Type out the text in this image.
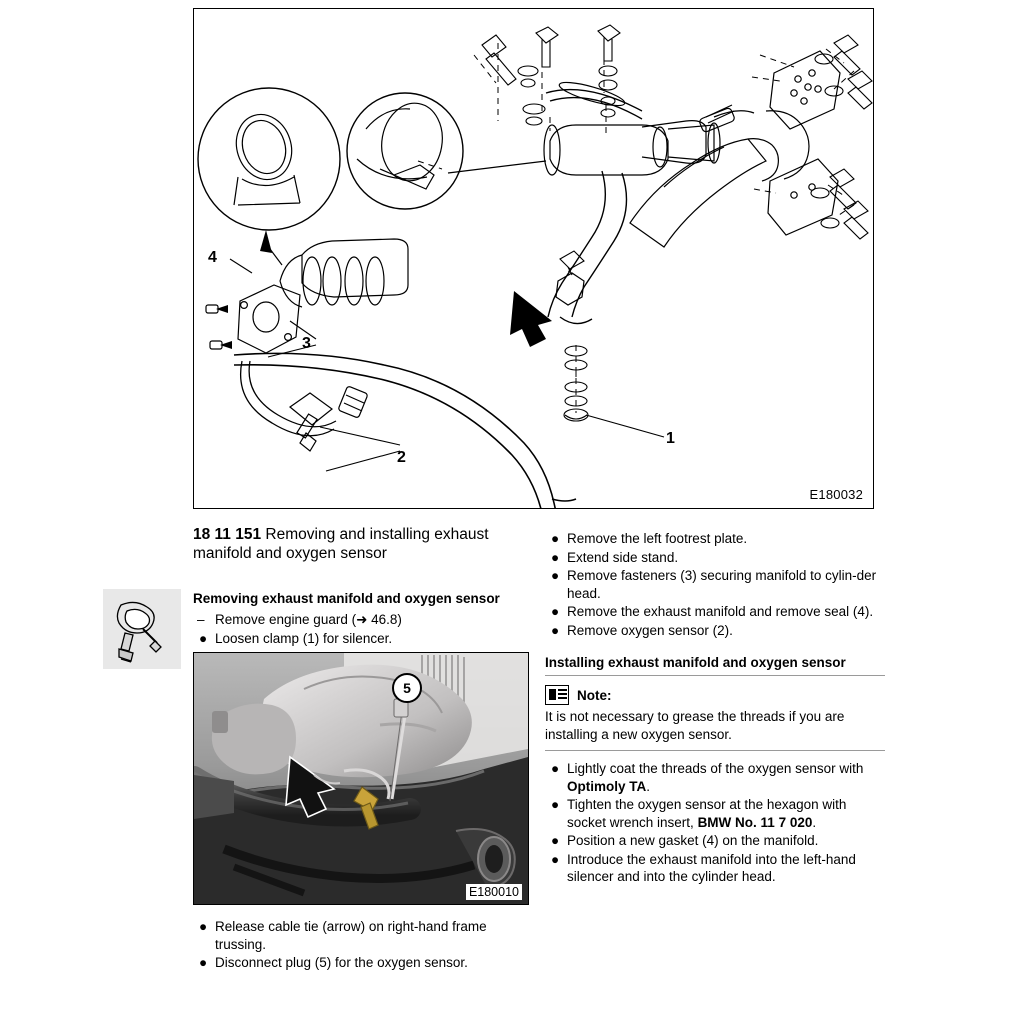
4
3
2
1
E180032
18 11 151 Removing and installing exhaust manifold and oxygen sensor
Removing exhaust manifold and oxygen sensor
– Remove engine guard (➜ 46.8)
● Loosen clamp (1) for silencer.
5
E180010
● Release cable tie (arrow) on right-hand frame trussing.
● Disconnect plug (5) for the oxygen sensor.
● Remove the left footrest plate.
● Extend side stand.
● Remove fasteners (3) securing manifold to cylin-der head.
● Remove the exhaust manifold and remove seal (4).
● Remove oxygen sensor (2).
Installing exhaust manifold and oxygen sensor
Note:
It is not necessary to grease the threads if you are installing a new oxygen sensor.
● Lightly coat the threads of the oxygen sensor with Optimoly TA.
● Tighten the oxygen sensor at the hexagon with socket wrench insert, BMW No. 11 7 020.
● Position a new gasket (4) on the manifold.
● Introduce the exhaust manifold into the left-hand silencer and into the cylinder head.
